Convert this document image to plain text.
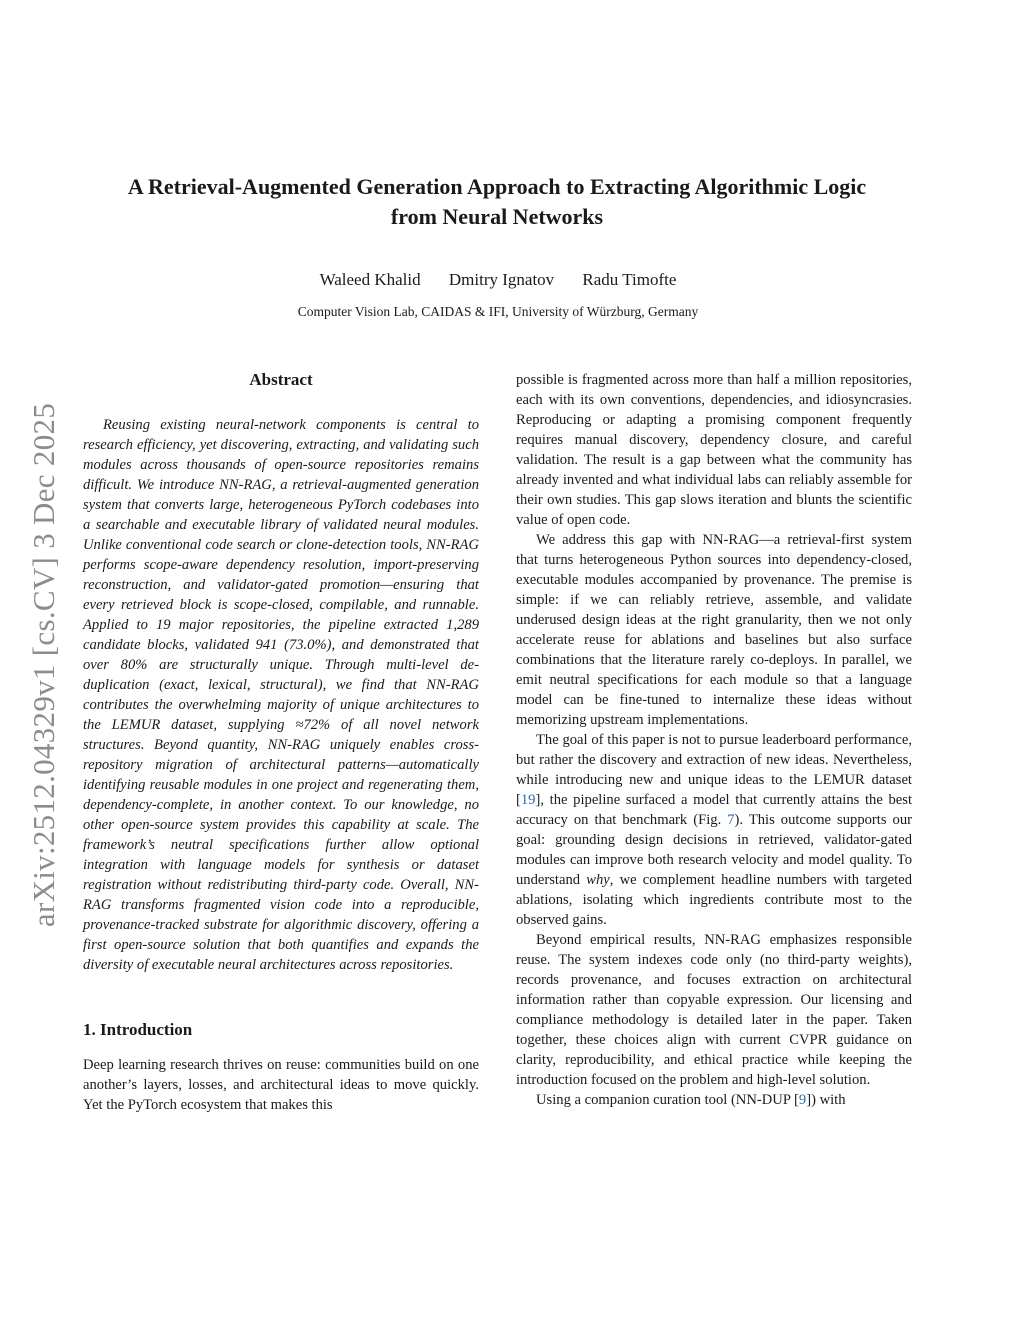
arXiv:2512.04329v1 [cs.CV] 3 Dec 2025
A Retrieval-Augmented Generation Approach to Extracting Algorithmic Logic
from Neural Networks
Waleed Khalid Dmitry Ignatov Radu Timofte
Computer Vision Lab, CAIDAS & IFI, University of Würzburg, Germany
Abstract

Reusing existing neural-network components is central to research efficiency, yet discovering, extracting, and validating such modules across thousands of open-source repositories remains difficult. We introduce NN-RAG, a retrieval-augmented generation system that converts large, heterogeneous PyTorch codebases into a searchable and executable library of validated neural modules. Unlike conventional code search or clone-detection tools, NN-RAG performs scope-aware dependency resolution, import-preserving reconstruction, and validator-gated promotion—ensuring that every retrieved block is scope-closed, compilable, and runnable. Applied to 19 major repositories, the pipeline extracted 1,289 candidate blocks, validated 941 (73.0%), and demonstrated that over 80% are structurally unique. Through multi-level de-duplication (exact, lexical, structural), we find that NN-RAG contributes the overwhelming majority of unique architectures to the LEMUR dataset, supplying ≈72% of all novel network structures. Beyond quantity, NN-RAG uniquely enables cross-repository migration of architectural patterns—automatically identifying reusable modules in one project and regenerating them, dependency-complete, in another context. To our knowledge, no other open-source system provides this capability at scale. The framework’s neutral specifications further allow optional integration with language models for synthesis or dataset registration without redistributing third-party code. Overall, NN-RAG transforms fragmented vision code into a reproducible, provenance-tracked substrate for algorithmic discovery, offering a first open-source solution that both quantifies and expands the diversity of executable neural architectures across repositories.

1. Introduction

Deep learning research thrives on reuse: communities build on one another’s layers, losses, and architectural ideas to move quickly. Yet the PyTorch ecosystem that makes this

possible is fragmented across more than half a million repositories, each with its own conventions, dependencies, and idiosyncrasies. Reproducing or adapting a promising component frequently requires manual discovery, dependency closure, and careful validation. The result is a gap between what the community has already invented and what individual labs can reliably assemble for their own studies. This gap slows iteration and blunts the scientific value of open code.

We address this gap with NN-RAG—a retrieval-first system that turns heterogeneous Python sources into dependency-closed, executable modules accompanied by provenance. The premise is simple: if we can reliably retrieve, assemble, and validate underused design ideas at the right granularity, then we not only accelerate reuse for ablations and baselines but also surface combinations that the literature rarely co-deploys. In parallel, we emit neutral specifications for each module so that a language model can be fine-tuned to internalize these ideas without memorizing upstream implementations.

The goal of this paper is not to pursue leaderboard performance, but rather the discovery and extraction of new ideas. Nevertheless, while introducing new and unique ideas to the LEMUR dataset [19], the pipeline surfaced a model that currently attains the best accuracy on that benchmark (Fig. 7). This outcome supports our goal: grounding design decisions in retrieved, validator-gated modules can improve both research velocity and model quality. To understand why, we complement headline numbers with targeted ablations, isolating which ingredients contribute most to the observed gains.

Beyond empirical results, NN-RAG emphasizes responsible reuse. The system indexes code only (no third-party weights), records provenance, and focuses extraction on architectural information rather than copyable expression. Our licensing and compliance methodology is detailed later in the paper. Taken together, these choices align with current CVPR guidance on clarity, reproducibility, and ethical practice while keeping the introduction focused on the problem and high-level solution.

Using a companion curation tool (NN-DUP [9]) with
